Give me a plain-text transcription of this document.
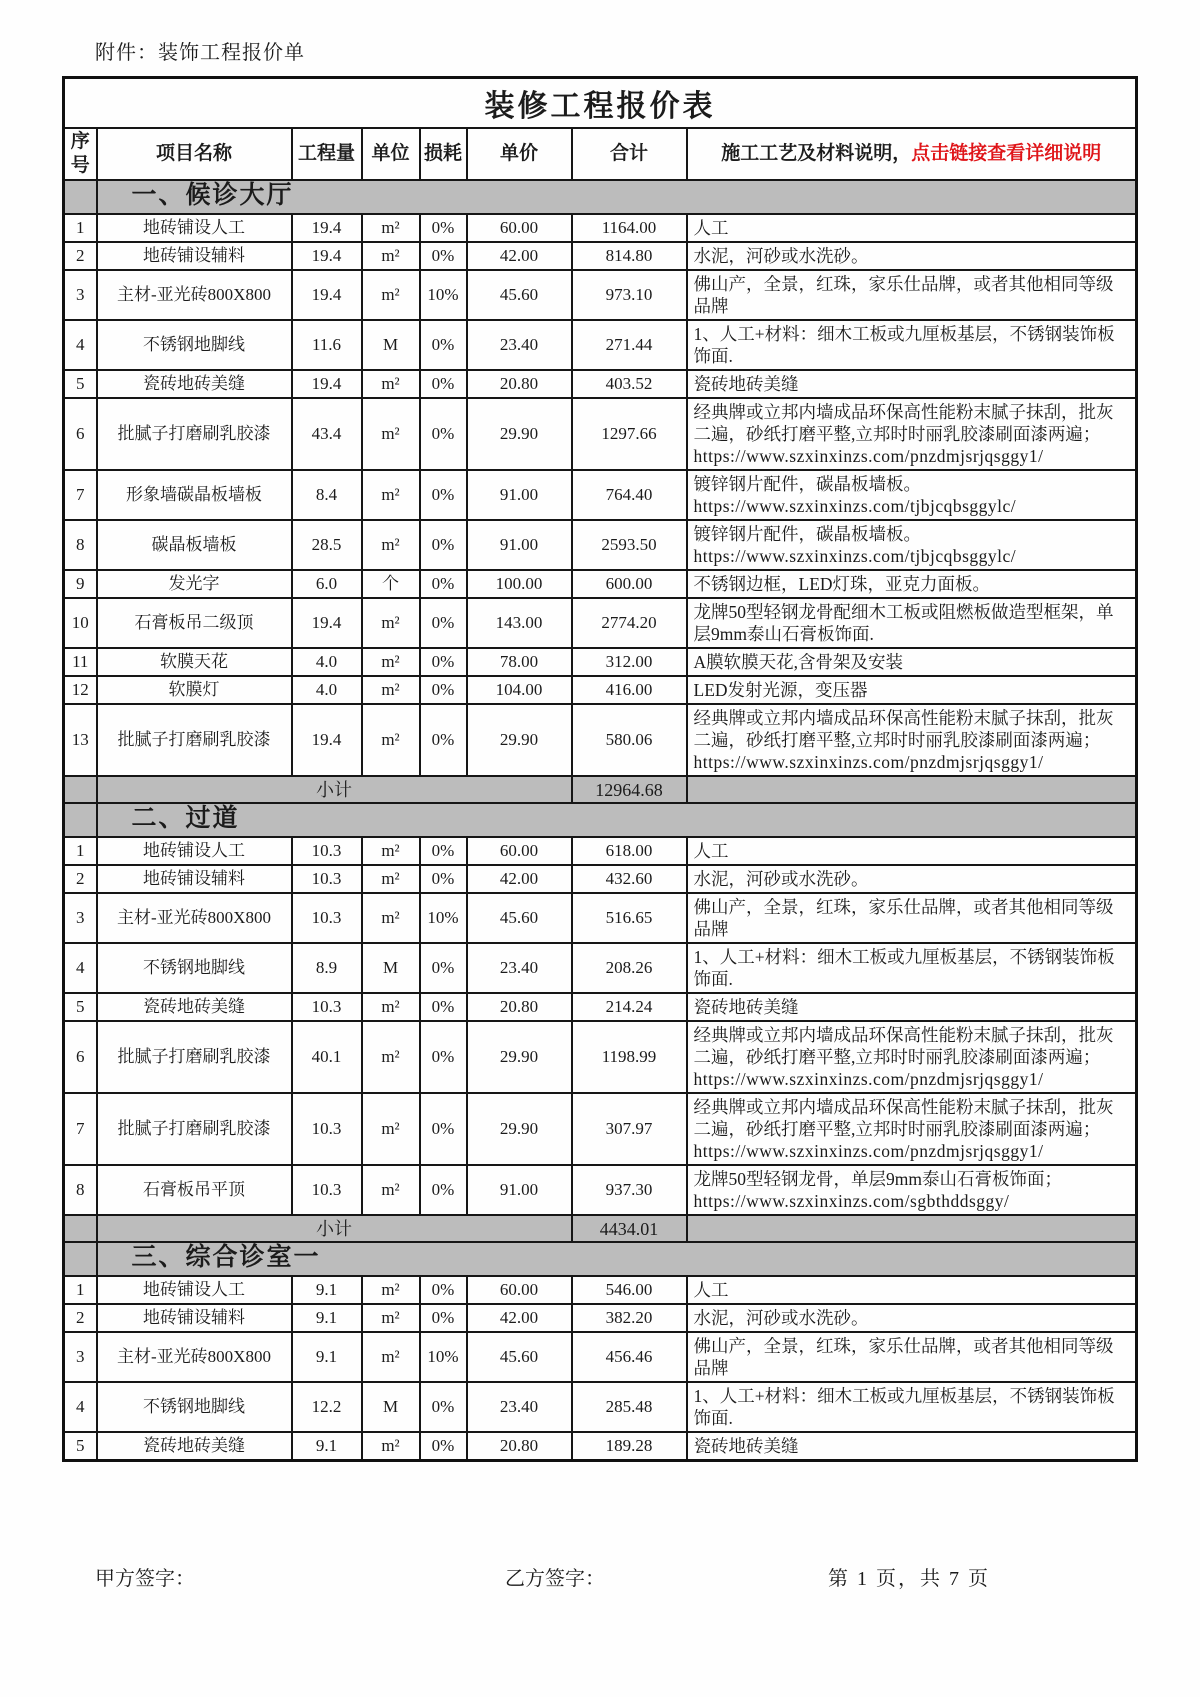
附件：装饰工程报价单
装修工程报价表							
序号	项目名称	工程量	单位	损耗	单价	合计	施工工艺及材料说明，点击链接查看详细说明
	一、候诊大厅						
1	地砖铺设人工	19.4	m²	0%	60.00	1164.00	人工
2	地砖铺设辅料	19.4	m²	0%	42.00	814.80	水泥，河砂或水洗砂。
3	主材-亚光砖800X800	19.4	m²	10%	45.60	973.10	佛山产，全景，红珠，家乐仕品牌，或者其他相同等级品牌
4	不锈钢地脚线	11.6	M	0%	23.40	271.44	1、人工+材料：细木工板或九厘板基层，不锈钢装饰板饰面.
5	瓷砖地砖美缝	19.4	m²	0%	20.80	403.52	瓷砖地砖美缝
6	批腻子打磨刷乳胶漆	43.4	m²	0%	29.90	1297.66	经典牌或立邦内墙成品环保高性能粉末腻子抹刮，批灰二遍，砂纸打磨平整,立邦时时丽乳胶漆刷面漆两遍；
https://www.szxinxinzs.com/pnzdmjsrjqsggy1/

7	形象墙碳晶板墙板	8.4	m²	0%	91.00	764.40	镀锌钢片配件，碳晶板墙板。
https://www.szxinxinzs.com/tjbjcqbsggylc/

8	碳晶板墙板	28.5	m²	0%	91.00	2593.50	镀锌钢片配件，碳晶板墙板。
https://www.szxinxinzs.com/tjbjcqbsggylc/

9	发光字	6.0	个	0%	100.00	600.00	不锈钢边框，LED灯珠，亚克力面板。
10	石膏板吊二级顶	19.4	m²	0%	143.00	2774.20	龙牌50型轻钢龙骨配细木工板或阻燃板做造型框架，单层9mm泰山石膏板饰面.
11	软膜天花	4.0	m²	0%	78.00	312.00	A膜软膜天花,含骨架及安装
12	软膜灯	4.0	m²	0%	104.00	416.00	LED发射光源，变压器
13	批腻子打磨刷乳胶漆	19.4	m²	0%	29.90	580.06	经典牌或立邦内墙成品环保高性能粉末腻子抹刮，批灰二遍，砂纸打磨平整,立邦时时丽乳胶漆刷面漆两遍；
https://www.szxinxinzs.com/pnzdmjsrjqsggy1/

	小计					12964.68	
	二、过道						
1	地砖铺设人工	10.3	m²	0%	60.00	618.00	人工
2	地砖铺设辅料	10.3	m²	0%	42.00	432.60	水泥，河砂或水洗砂。
3	主材-亚光砖800X800	10.3	m²	10%	45.60	516.65	佛山产，全景，红珠，家乐仕品牌，或者其他相同等级品牌
4	不锈钢地脚线	8.9	M	0%	23.40	208.26	1、人工+材料：细木工板或九厘板基层，不锈钢装饰板饰面.
5	瓷砖地砖美缝	10.3	m²	0%	20.80	214.24	瓷砖地砖美缝
6	批腻子打磨刷乳胶漆	40.1	m²	0%	29.90	1198.99	经典牌或立邦内墙成品环保高性能粉末腻子抹刮，批灰二遍，砂纸打磨平整,立邦时时丽乳胶漆刷面漆两遍；
https://www.szxinxinzs.com/pnzdmjsrjqsggy1/

7	批腻子打磨刷乳胶漆	10.3	m²	0%	29.90	307.97	经典牌或立邦内墙成品环保高性能粉末腻子抹刮，批灰二遍，砂纸打磨平整,立邦时时丽乳胶漆刷面漆两遍；
https://www.szxinxinzs.com/pnzdmjsrjqsggy1/

8	石膏板吊平顶	10.3	m²	0%	91.00	937.30	龙牌50型轻钢龙骨，单层9mm泰山石膏板饰面；
https://www.szxinxinzs.com/sgbthddsggy/

	小计					4434.01	
	三、综合诊室一						
1	地砖铺设人工	9.1	m²	0%	60.00	546.00	人工
2	地砖铺设辅料	9.1	m²	0%	42.00	382.20	水泥，河砂或水洗砂。
3	主材-亚光砖800X800	9.1	m²	10%	45.60	456.46	佛山产，全景，红珠，家乐仕品牌，或者其他相同等级品牌
4	不锈钢地脚线	12.2	M	0%	23.40	285.48	1、人工+材料：细木工板或九厘板基层，不锈钢装饰板饰面.
5	瓷砖地砖美缝	9.1	m²	0%	20.80	189.28	瓷砖地砖美缝
甲方签字：	乙方签字：	第 1 页，共 7 页
